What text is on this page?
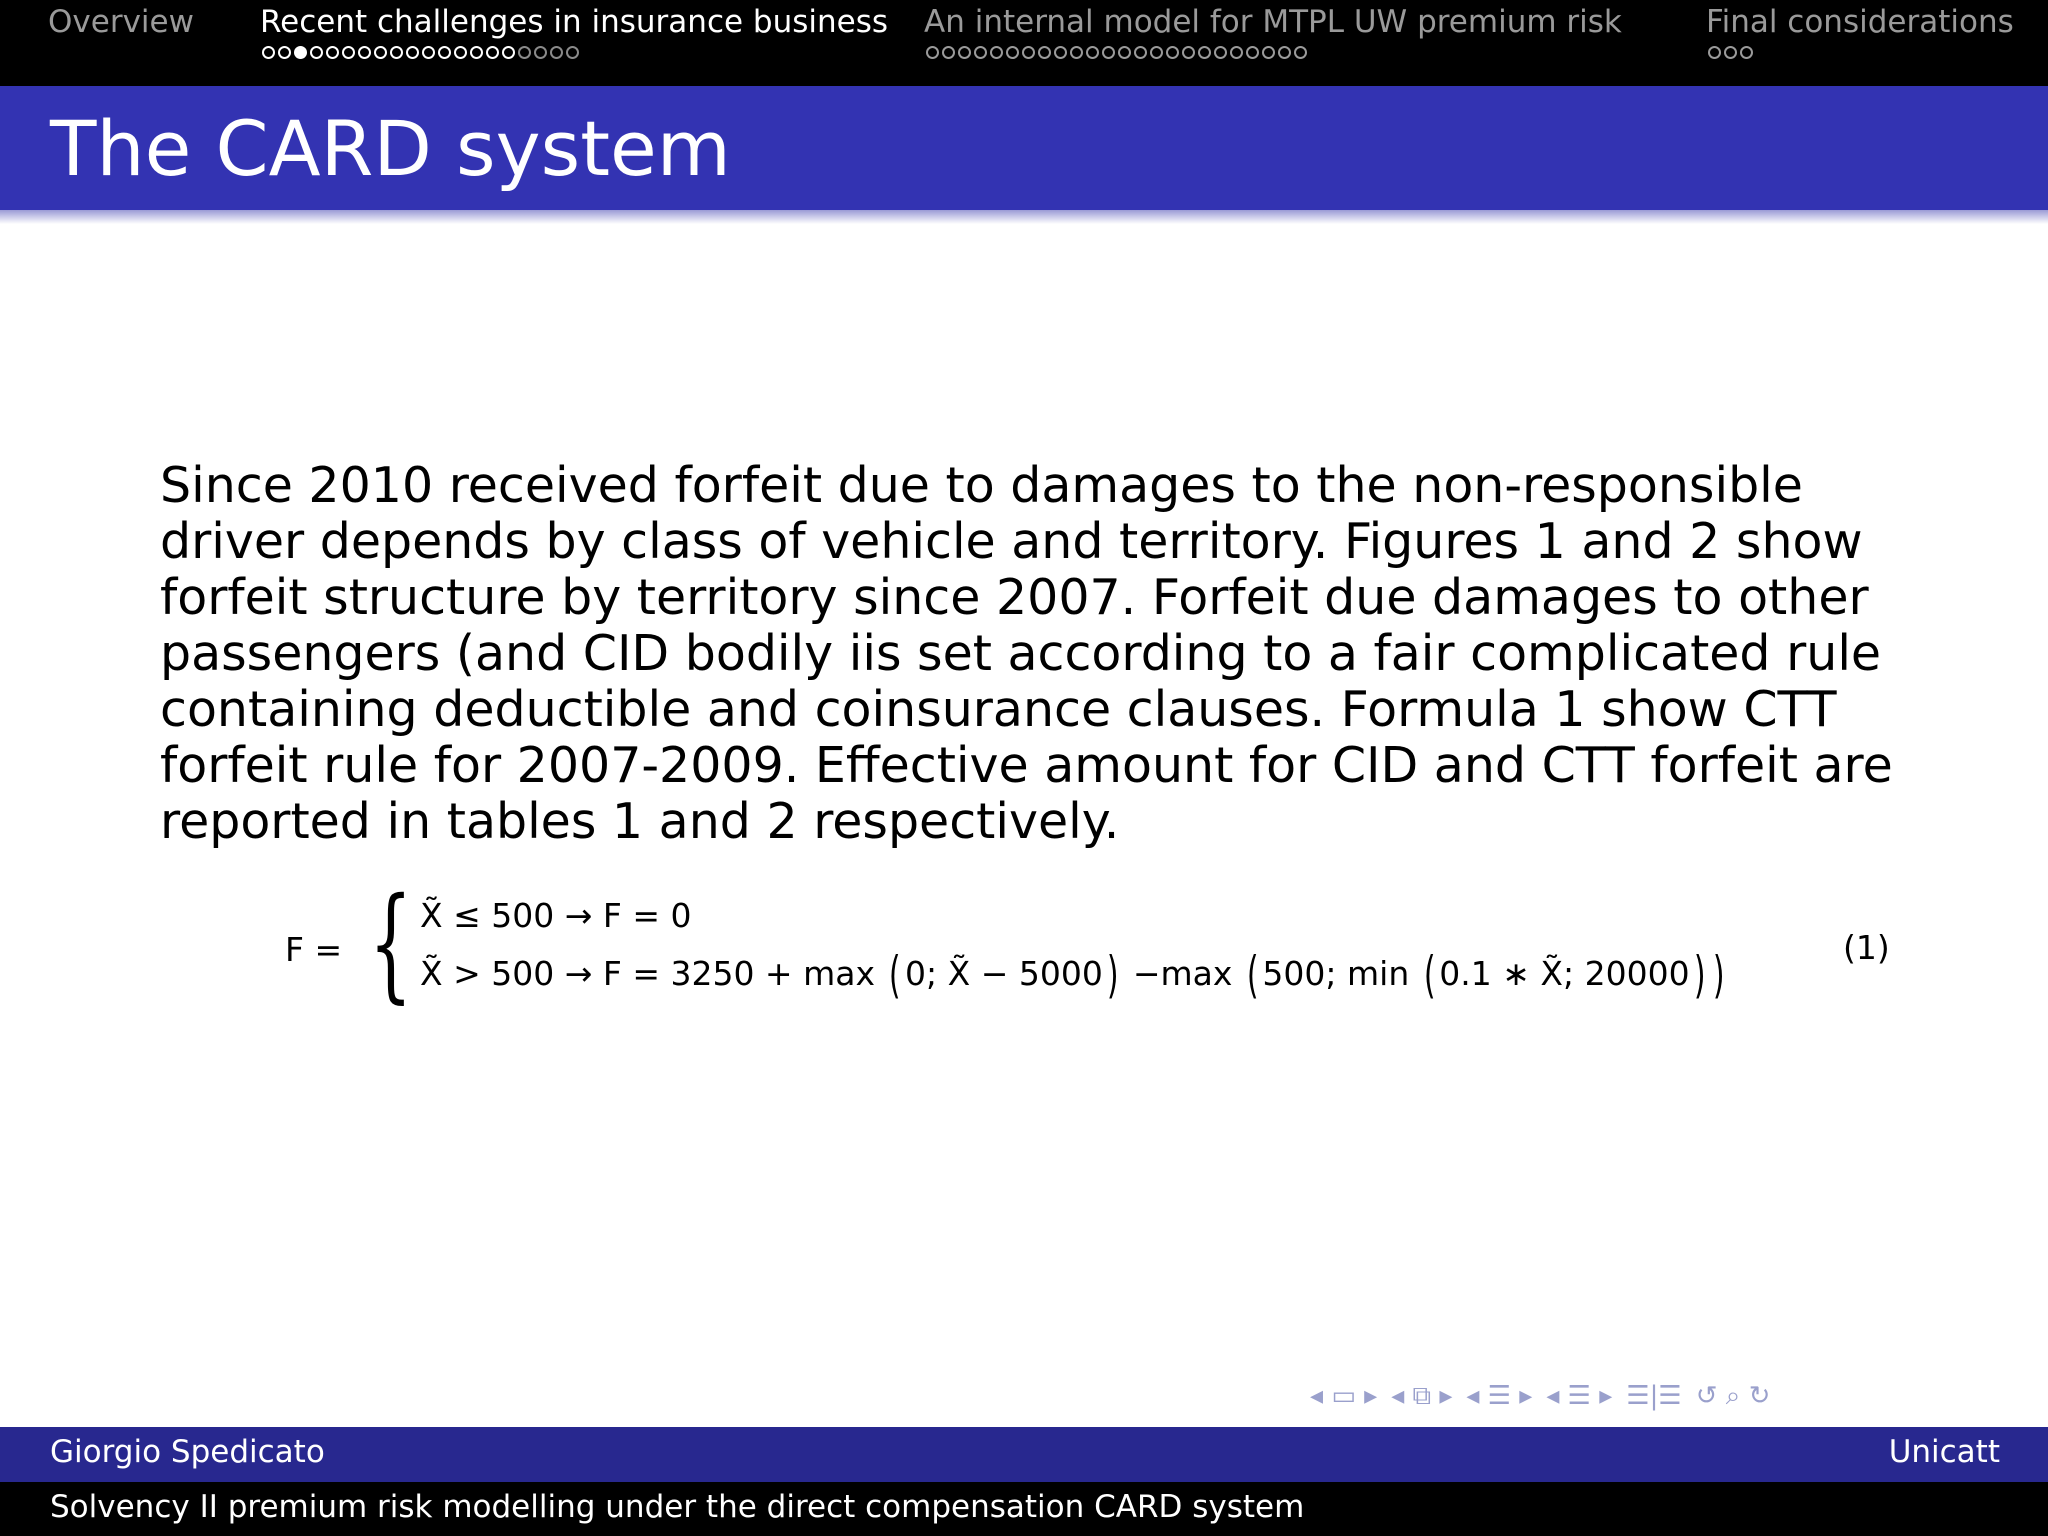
Overview Recent challenges in insurance business An internal model for MTPL UW premium risk	Final considerations
The CARD system
Since 2010 received forfeit due to damages to the non-responsible driver depends by class of vehicle and territory. Figures 1 and 2 show forfeit structure by territory since 2007. Forfeit due damages to other passengers (and CID bodily iis set according to a fair complicated rule containing deductible and coinsurance clauses. Formula 1 show CTT forfeit rule for 2007-2009. Effective amount for CID and CTT forfeit are reported in tables 1 and 2 respectively.
F = { X̃ ≤ 500 → F = 0
X̃ > 500 → F = 3250 + max ( 0; X̃ − 5000) −max ( 500; min ( 0.1 ∗ X̃; 20000) )	(1)
◂ ▭ ▸ ◂ ⧉ ▸ ◂ ☰ ▸ ◂ ☰ ▸ ☰|☰ ↺ ⌕ ↻
Giorgio Spedicato	Unicatt
Solvency II premium risk modelling under the direct compensation CARD system
